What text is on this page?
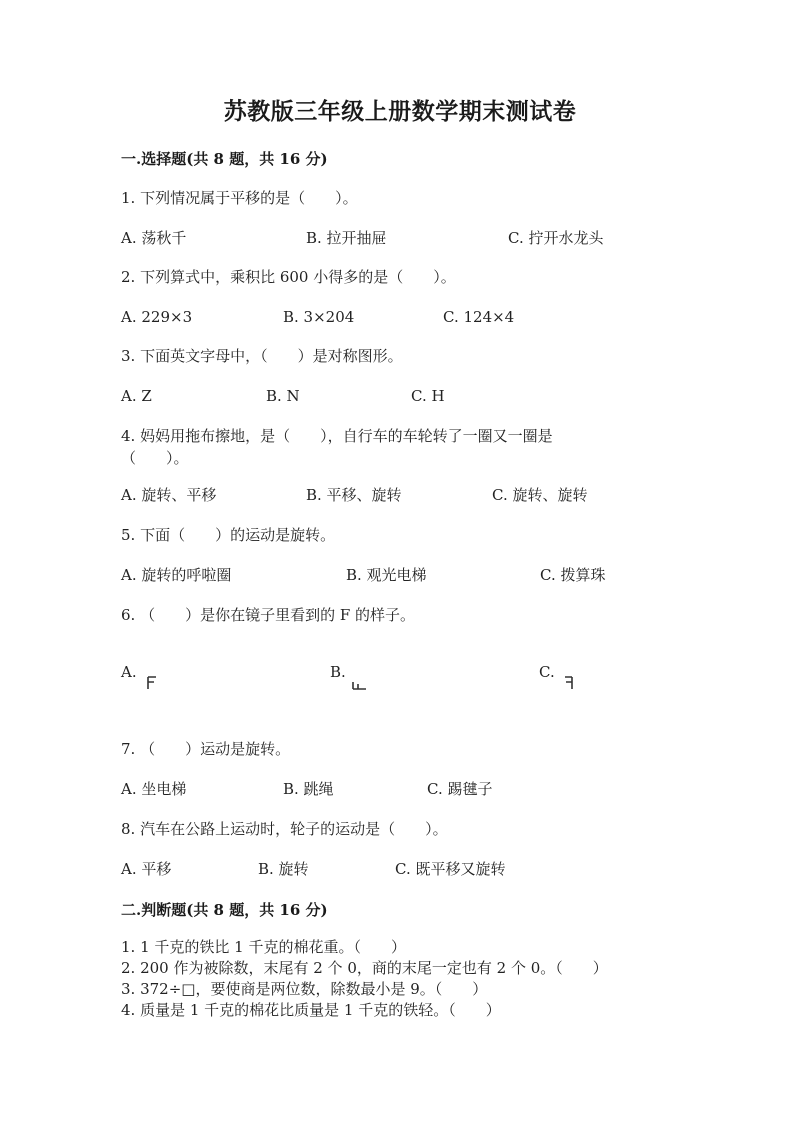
苏教版三年级上册数学期末测试卷
一.选择题(共 8 题，共 16 分)
1. 下列情况属于平移的是（　　）。
A. 荡秋千	B. 拉开抽屉	C. 拧开水龙头
2. 下列算式中，乘积比 600 小得多的是（　　）。
A. 229×3	B. 3×204	C. 124×4
3. 下面英文字母中，（　　）是对称图形。
A. Z	B. N	C. H
4. 妈妈用拖布擦地，是（　　），自行车的车轮转了一圈又一圈是（　　）。
A. 旋转、平移	B. 平移、旋转	C. 旋转、旋转
5. 下面（　　）的运动是旋转。
A. 旋转的呼啦圈	B. 观光电梯	C. 拨算珠
6. （　　）是你在镜子里看到的 F 的样子。
A.	B.	C.
7. （　　）运动是旋转。
A. 坐电梯	B. 跳绳	C. 踢毽子
8. 汽车在公路上运动时，轮子的运动是（　　）。
A. 平移	B. 旋转	C. 既平移又旋转
二.判断题(共 8 题，共 16 分)
1. 1 千克的铁比 1 千克的棉花重。（　　）
2. 200 作为被除数，末尾有 2 个 0，商的末尾一定也有 2 个 0。（　　）
3. 372÷□，要使商是两位数，除数最小是 9。（　　）
4. 质量是 1 千克的棉花比质量是 1 千克的铁轻。（　　）
